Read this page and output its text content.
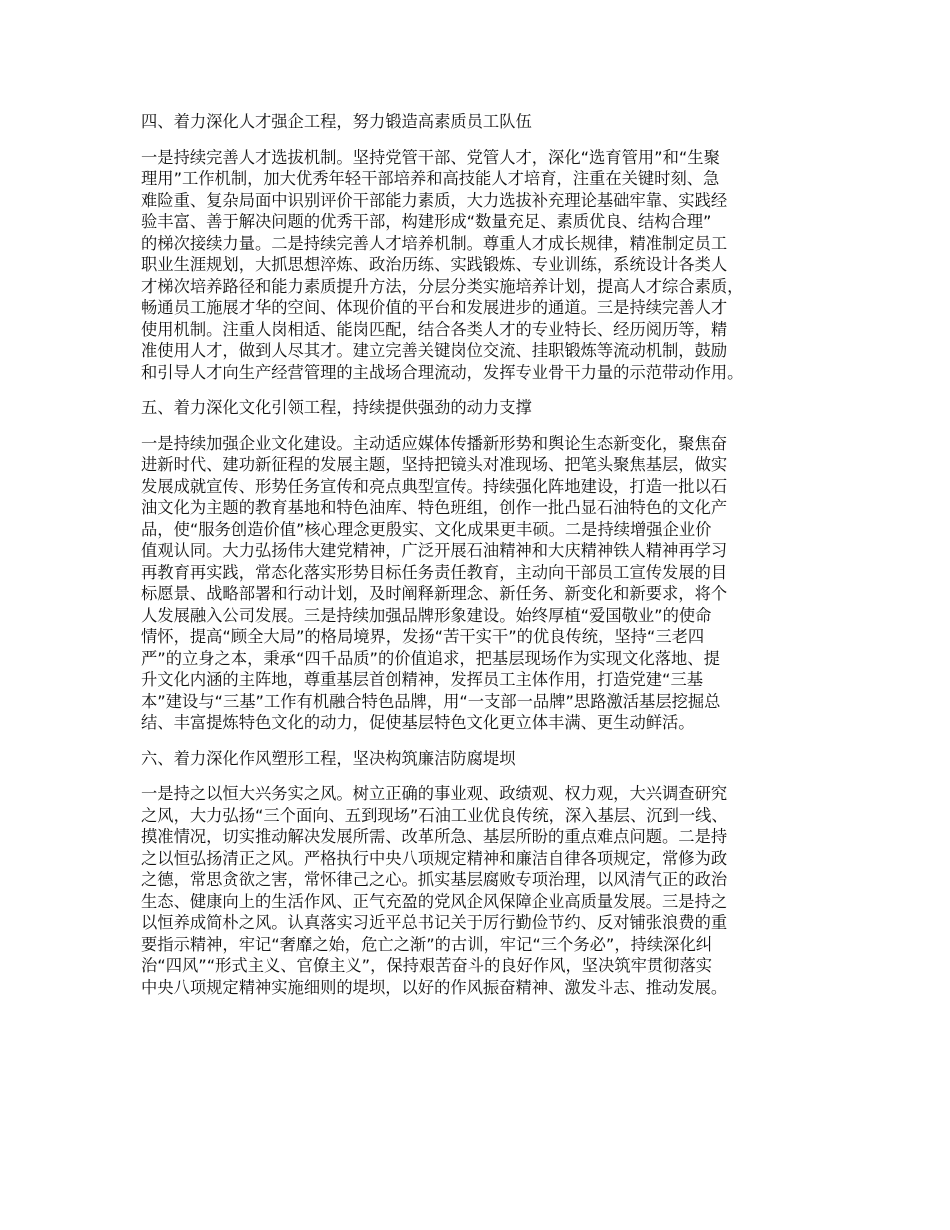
四、着力深化人才强企工程，努力锻造高素质员工队伍
一是持续完善人才选拔机制。坚持党管干部、党管人才，深化“选育管用”和“生聚
理用”工作机制，加大优秀年轻干部培养和高技能人才培育，注重在关键时刻、急
难险重、复杂局面中识别评价干部能力素质，大力选拔补充理论基础牢靠、实践经
验丰富、善于解决问题的优秀干部，构建形成“数量充足、素质优良、结构合理”
的梯次接续力量。二是持续完善人才培养机制。尊重人才成长规律，精准制定员工
职业生涯规划，大抓思想淬炼、政治历练、实践锻炼、专业训练，系统设计各类人
才梯次培养路径和能力素质提升方法，分层分类实施培养计划，提高人才综合素质，
畅通员工施展才华的空间、体现价值的平台和发展进步的通道。三是持续完善人才
使用机制。注重人岗相适、能岗匹配，结合各类人才的专业特长、经历阅历等，精
准使用人才，做到人尽其才。建立完善关键岗位交流、挂职锻炼等流动机制，鼓励
和引导人才向生产经营管理的主战场合理流动，发挥专业骨干力量的示范带动作用。
五、着力深化文化引领工程，持续提供强劲的动力支撑
一是持续加强企业文化建设。主动适应媒体传播新形势和舆论生态新变化，聚焦奋
进新时代、建功新征程的发展主题，坚持把镜头对准现场、把笔头聚焦基层，做实
发展成就宣传、形势任务宣传和亮点典型宣传。持续强化阵地建设，打造一批以石
油文化为主题的教育基地和特色油库、特色班组，创作一批凸显石油特色的文化产
品，使“服务创造价值”核心理念更殷实、文化成果更丰硕。二是持续增强企业价
值观认同。大力弘扬伟大建党精神，广泛开展石油精神和大庆精神铁人精神再学习
再教育再实践，常态化落实形势目标任务责任教育，主动向干部员工宣传发展的目
标愿景、战略部署和行动计划，及时阐释新理念、新任务、新变化和新要求，将个
人发展融入公司发展。三是持续加强品牌形象建设。始终厚植“爱国敬业”的使命
情怀，提高“顾全大局”的格局境界，发扬“苦干实干”的优良传统，坚持“三老四
严”的立身之本，秉承“四千品质”的价值追求，把基层现场作为实现文化落地、提
升文化内涵的主阵地，尊重基层首创精神，发挥员工主体作用，打造党建“三基
本”建设与“三基”工作有机融合特色品牌，用“一支部一品牌”思路激活基层挖掘总
结、丰富提炼特色文化的动力，促使基层特色文化更立体丰满、更生动鲜活。
六、着力深化作风塑形工程，坚决构筑廉洁防腐堤坝
一是持之以恒大兴务实之风。树立正确的事业观、政绩观、权力观，大兴调查研究
之风，大力弘扬“三个面向、五到现场”石油工业优良传统，深入基层、沉到一线、
摸准情况，切实推动解决发展所需、改革所急、基层所盼的重点难点问题。二是持
之以恒弘扬清正之风。严格执行中央八项规定精神和廉洁自律各项规定，常修为政
之德，常思贪欲之害，常怀律己之心。抓实基层腐败专项治理，以风清气正的政治
生态、健康向上的生活作风、正气充盈的党风企风保障企业高质量发展。三是持之
以恒养成简朴之风。认真落实习近平总书记关于厉行勤俭节约、反对铺张浪费的重
要指示精神，牢记“奢靡之始，危亡之渐”的古训，牢记“三个务必”，持续深化纠
治“四风”“形式主义、官僚主义”，保持艰苦奋斗的良好作风，坚决筑牢贯彻落实
中央八项规定精神实施细则的堤坝，以好的作风振奋精神、激发斗志、推动发展。
